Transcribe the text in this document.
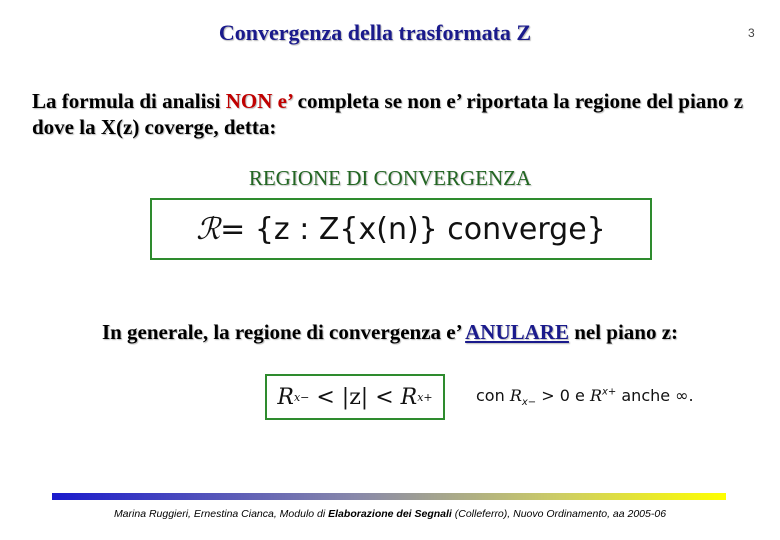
Convergenza della trasformata Z	3
La formula di analisi NON e’ completa se non e’ riportata la regione del piano z dove la X(z) coverge, detta:
REGIONE DI CONVERGENZA
ℛ = {z : Z{x(n)} converge}
In generale, la regione di convergenza e’ ANULARE nel piano z:
R x− < |z| < R x+	con $R_{x-} > 0$ e $R^{x+}$ anche ∞.
Marina Ruggieri, Ernestina Cianca, Modulo di Elaborazione dei Segnali (Colleferro), Nuovo Ordinamento, aa 2005-06
